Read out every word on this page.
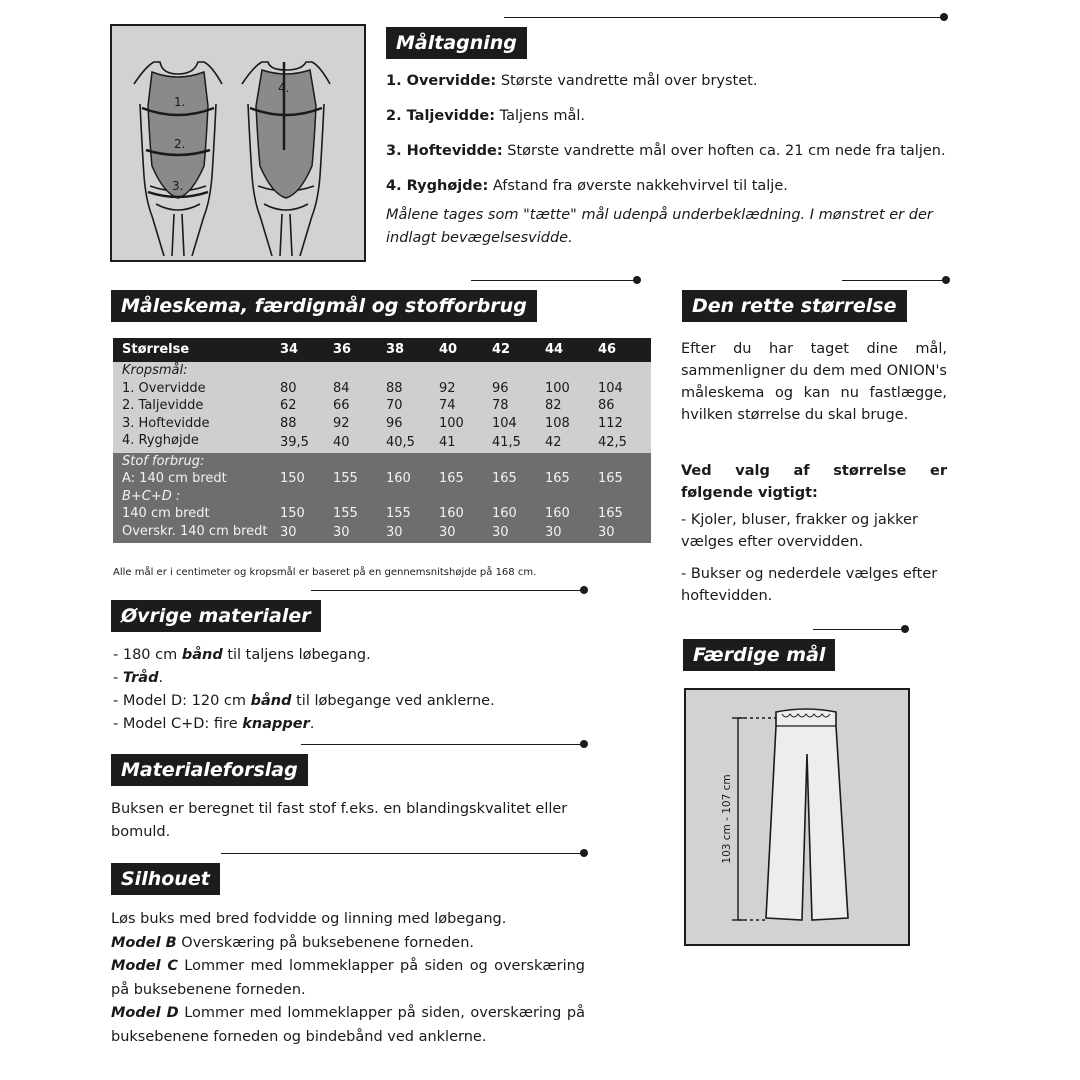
1.
2.
3.
4.
Måltagning
1. Overvidde: Største vandrette mål over brystet.
2. Taljevidde: Taljens mål.
3. Hoftevidde: Største vandrette mål over hoften ca. 21 cm nede fra taljen.
4. Ryghøjde: Afstand fra øverste nakkehvirvel til talje.
Målene tages som "tætte" mål udenpå underbeklædning. I mønstret er der indlagt bevægelsesvidde.
Måleskema, færdigmål og stofforbrug
Størrelse	34	36	38	40	42	44	46
Kropsmål:							
1. Overvidde	80	84	88	92	96	100	104
2. Taljevidde	62	66	70	74	78	82	86
3. Hoftevidde	88	92	96	100	104	108	112
4. Ryghøjde	39,5	40	40,5	41	41,5	42	42,5
Stof forbrug:							
A: 140 cm bredt	150	155	160	165	165	165	165
B+C+D :							
140 cm bredt	150	155	155	160	160	160	165
Overskr. 140 cm bredt	30	30	30	30	30	30	30
Alle mål er i centimeter og kropsmål er baseret på en gennemsnitshøjde på 168 cm.
Øvrige materialer
- 180 cm bånd til taljens løbegang.
- Tråd.
- Model D: 120 cm bånd til løbegange ved anklerne.
- Model C+D: fire knapper.
Materialeforslag
Buksen er beregnet til fast stof f.eks. en blandingskvalitet eller bomuld.
Silhouet
Løs buks med bred fodvidde og linning med løbegang.
Model B Overskæring på buksebenene forneden.
Model C Lommer med lommeklapper på siden og overskæring på buksebenene forneden.
Model D Lommer med lommeklapper på siden, overskæring på buksebenene forneden og bindebånd ved anklerne.
Den rette størrelse
Efter du har taget dine mål, sammenligner du dem med ONION's måleskema og kan nu fastlægge, hvilken størrelse du skal bruge.
Ved valg af størrelse er følgende vigtigt:
- Kjoler, bluser, frakker og jakker vælges efter overvidden.
- Bukser og nederdele vælges efter hoftevidden.
Færdige mål
103 cm - 107 cm
